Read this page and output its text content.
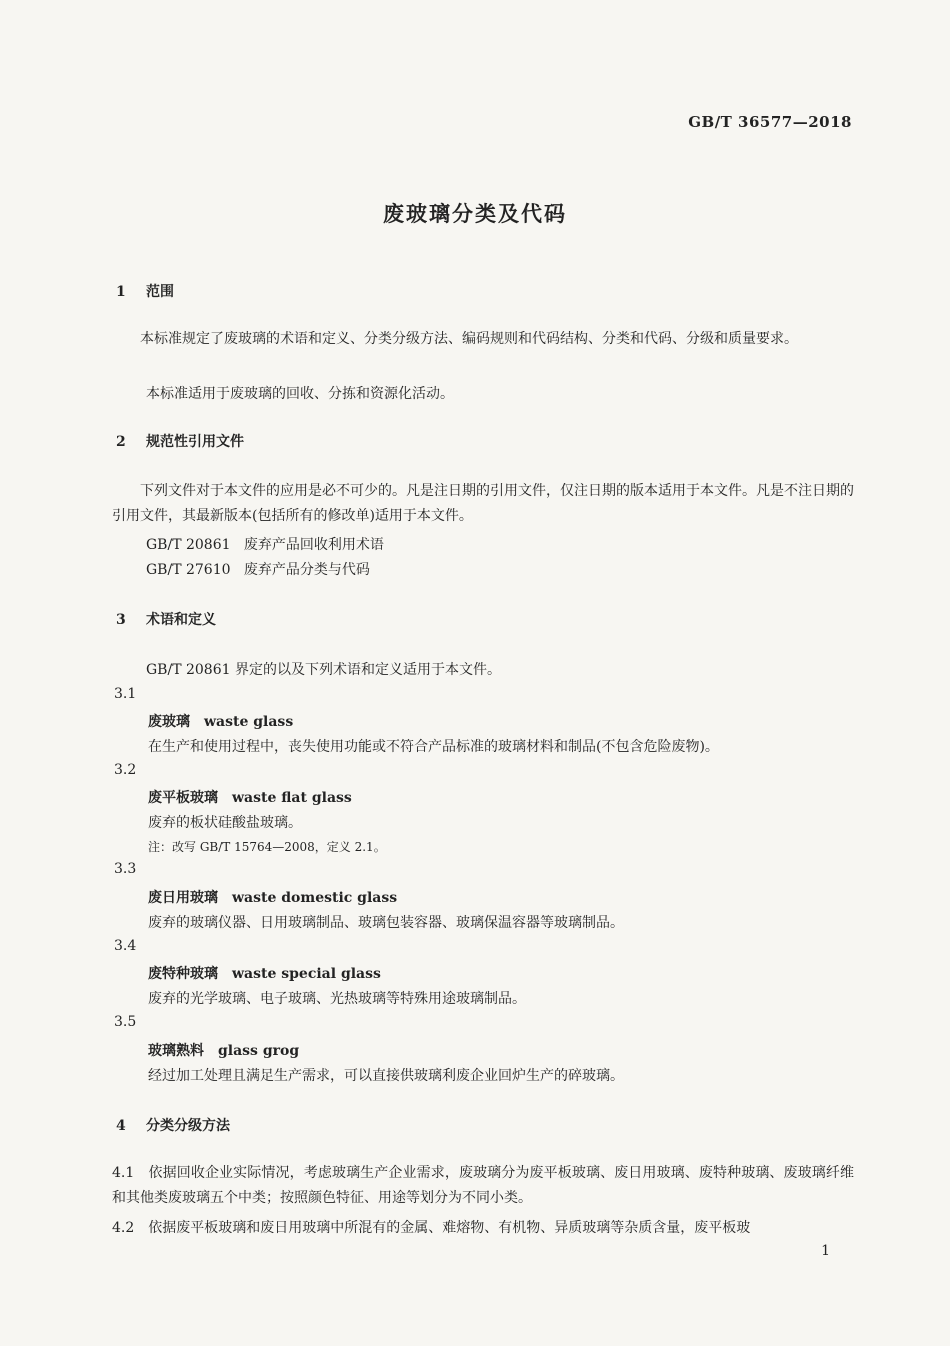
GB/T 36577—2018
废玻璃分类及代码
1 范围
本标准规定了废玻璃的术语和定义、分类分级方法、编码规则和代码结构、分类和代码、分级和质量要求。
本标准适用于废玻璃的回收、分拣和资源化活动。
2 规范性引用文件
下列文件对于本文件的应用是必不可少的。凡是注日期的引用文件，仅注日期的版本适用于本文件。凡是不注日期的引用文件，其最新版本(包括所有的修改单)适用于本文件。
GB/T 20861 废弃产品回收利用术语
GB/T 27610 废弃产品分类与代码
3 术语和定义
GB/T 20861 界定的以及下列术语和定义适用于本文件。
3.1
废玻璃 waste glass
在生产和使用过程中，丧失使用功能或不符合产品标准的玻璃材料和制品(不包含危险废物)。
3.2
废平板玻璃 waste flat glass
废弃的板状硅酸盐玻璃。
注：改写 GB/T 15764—2008，定义 2.1。
3.3
废日用玻璃 waste domestic glass
废弃的玻璃仪器、日用玻璃制品、玻璃包装容器、玻璃保温容器等玻璃制品。
3.4
废特种玻璃 waste special glass
废弃的光学玻璃、电子玻璃、光热玻璃等特殊用途玻璃制品。
3.5
玻璃熟料 glass grog
经过加工处理且满足生产需求，可以直接供玻璃利废企业回炉生产的碎玻璃。
4 分类分级方法
4.1　依据回收企业实际情况，考虑玻璃生产企业需求，废玻璃分为废平板玻璃、废日用玻璃、废特种玻璃、废玻璃纤维和其他类废玻璃五个中类；按照颜色特征、用途等划分为不同小类。
4.2　依据废平板玻璃和废日用玻璃中所混有的金属、难熔物、有机物、异质玻璃等杂质含量，废平板玻
1
